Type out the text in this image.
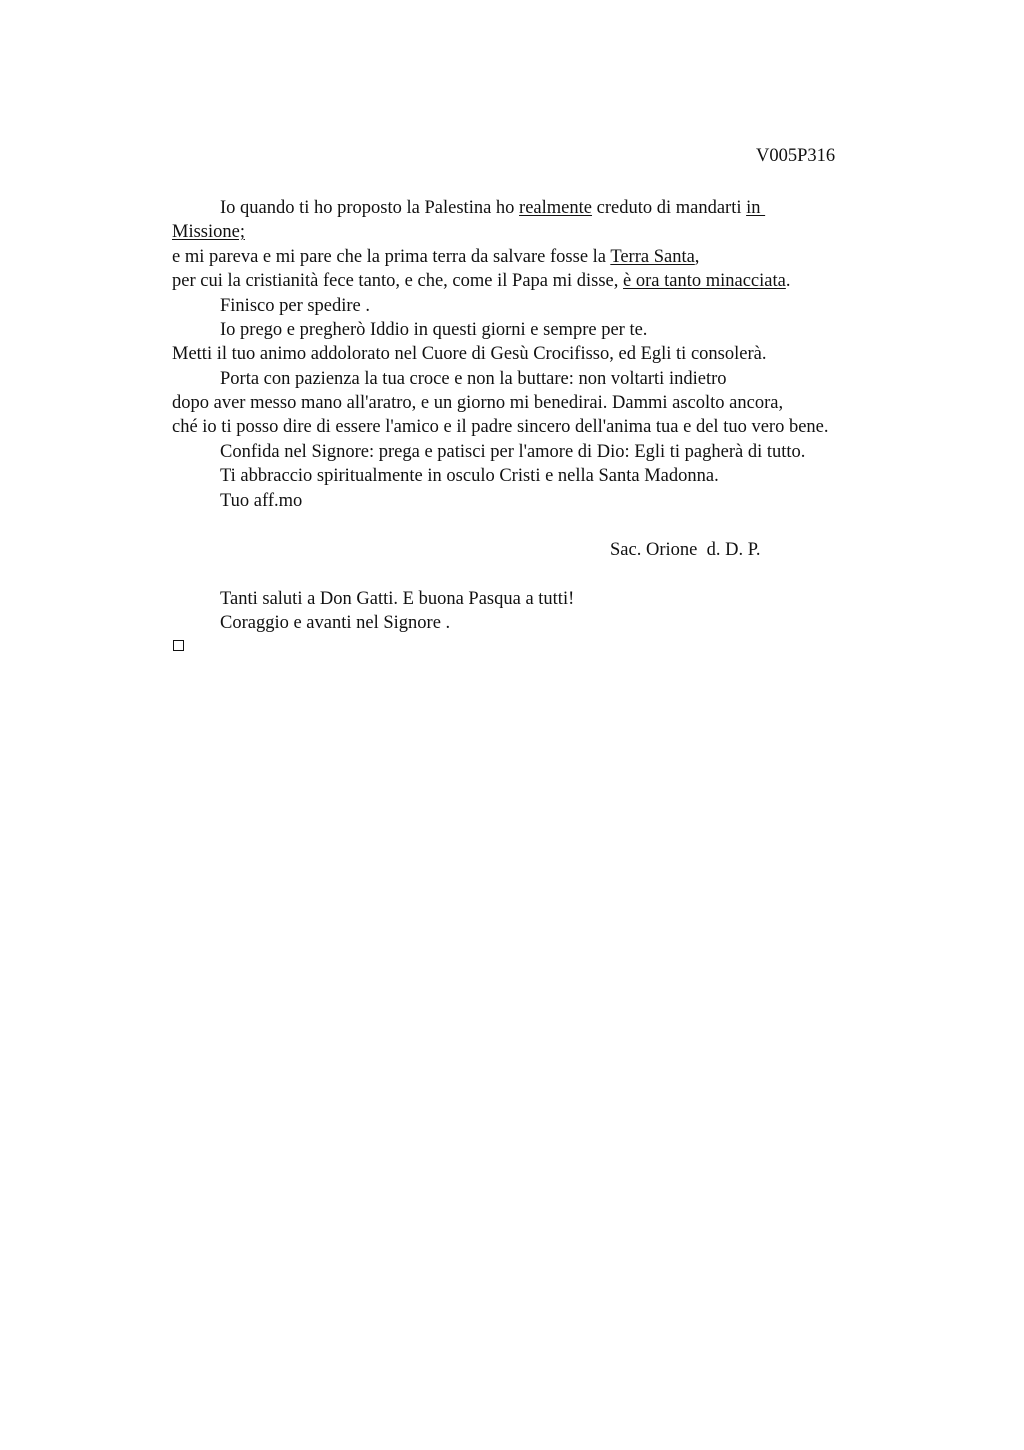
V005P316
Io quando ti ho proposto la Palestina ho realmente creduto di mandarti in
Missione;
e mi pareva e mi pare che la prima terra da salvare fosse la Terra Santa,
per cui la cristianità fece tanto, e che, come il Papa mi disse, è ora tanto minacciata.
Finisco per spedire .
Io prego e pregherò Iddio in questi giorni e sempre per te.
Metti il tuo animo addolorato nel Cuore di Gesù Crocifisso, ed Egli ti consolerà.
Porta con pazienza la tua croce e non la buttare: non voltarti indietro
dopo aver messo mano all'aratro, e un giorno mi benedirai. Dammi ascolto ancora,
ché io ti posso dire di essere l'amico e il padre sincero dell'anima tua e del tuo vero bene.
Confida nel Signore: prega e patisci per l'amore di Dio: Egli ti pagherà di tutto.
Ti abbraccio spiritualmente in osculo Cristi e nella Santa Madonna.
Tuo aff.mo
Sac. Orione  d. D. P.
Tanti saluti a Don Gatti. E buona Pasqua a tutti!
Coraggio e avanti nel Signore .
